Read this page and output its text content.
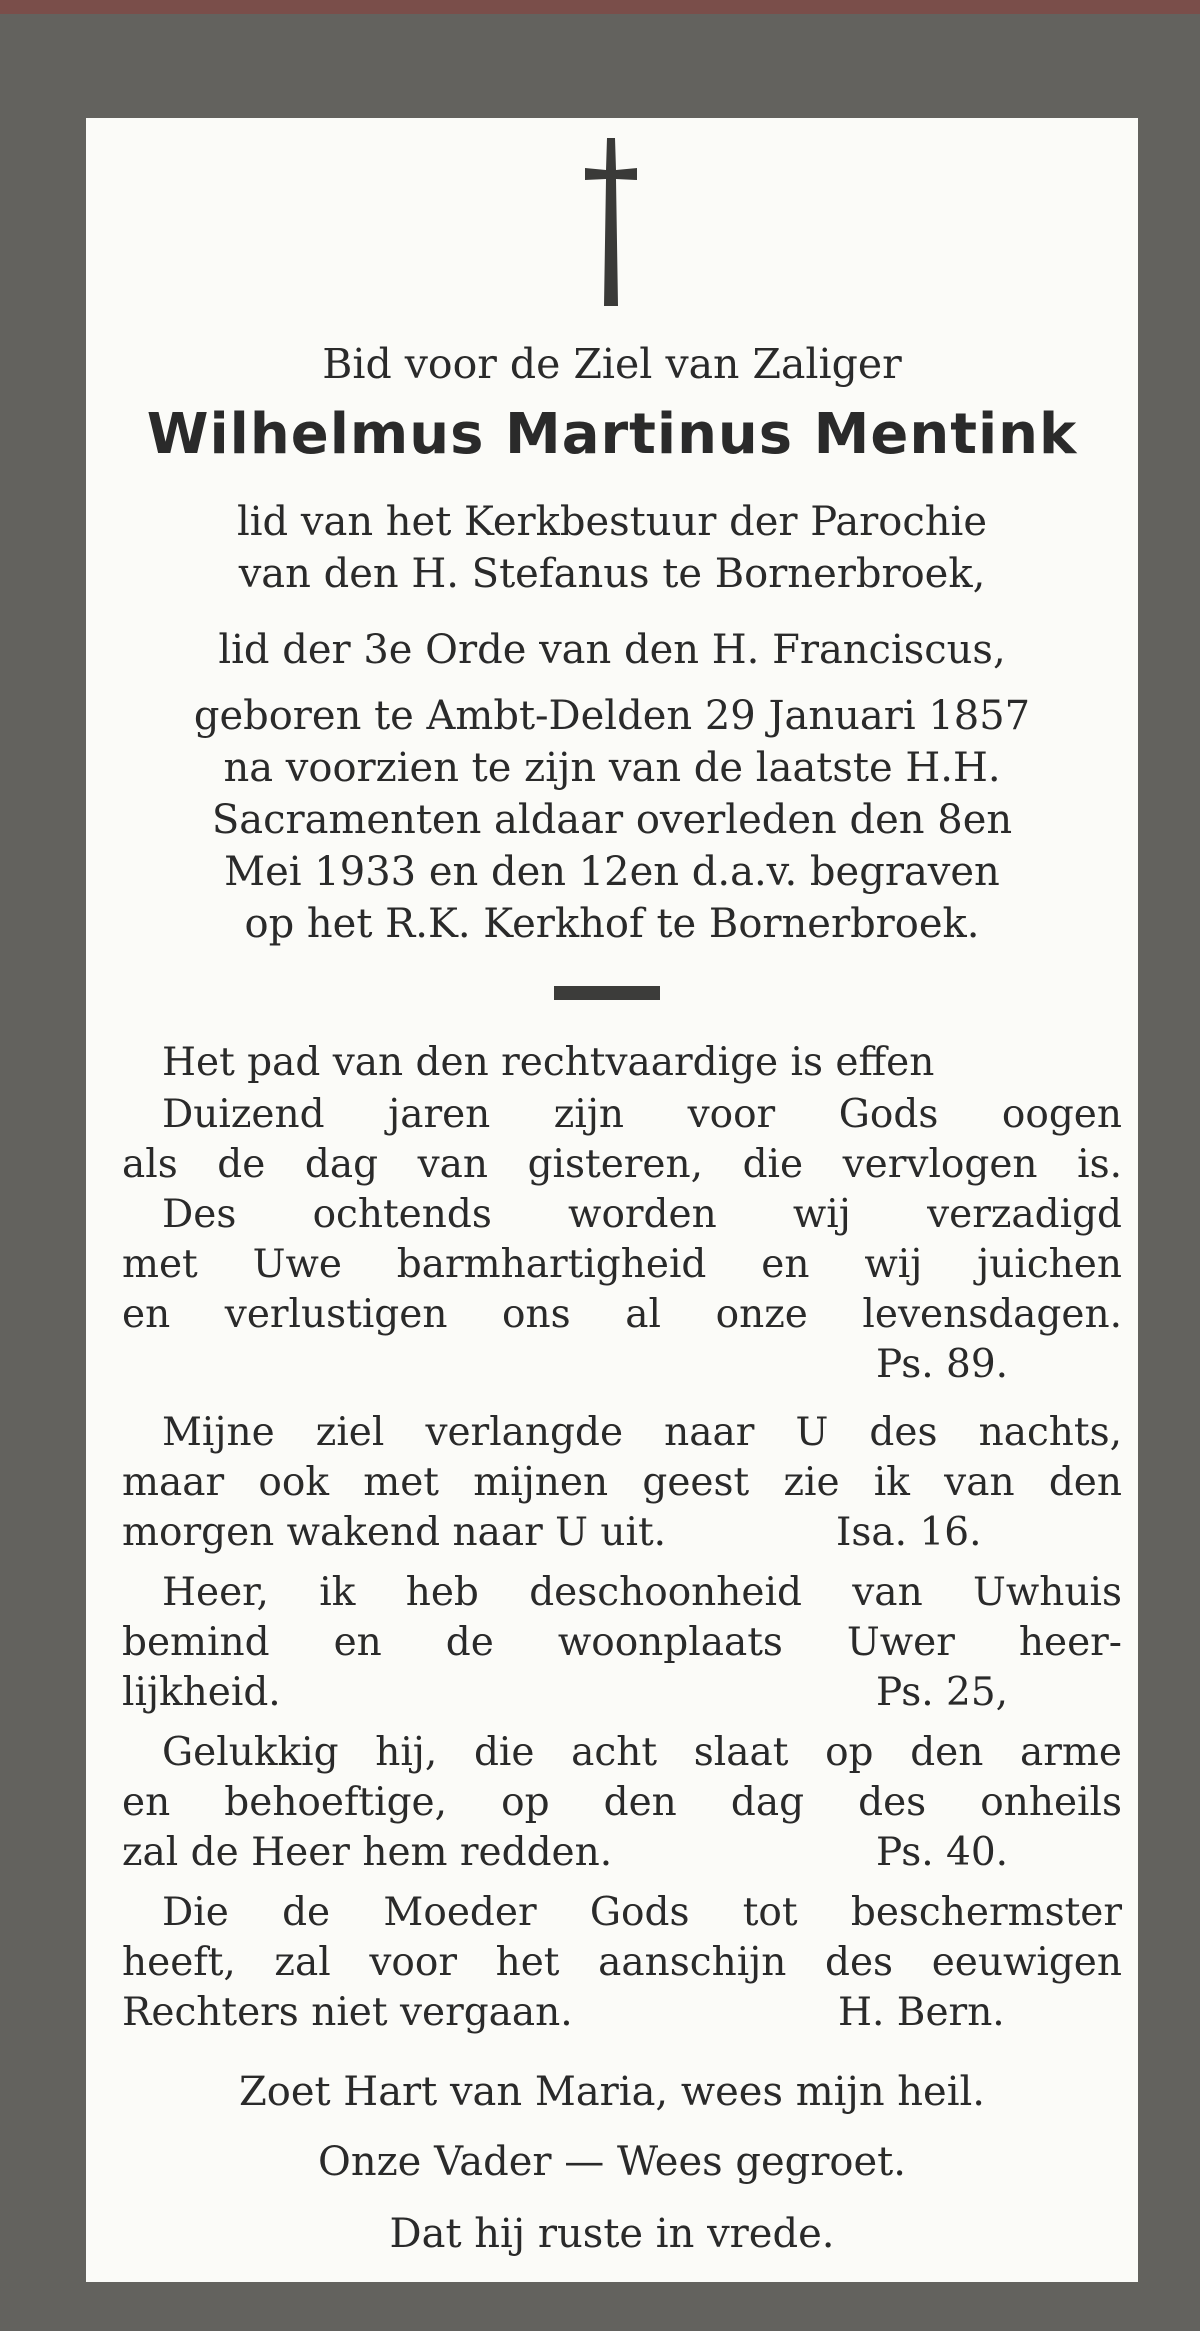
Bid voor de Ziel van Zaliger
Wilhelmus Martinus Mentink
lid van het Kerkbestuur der Parochie
van den H. Stefanus te Bornerbroek,
lid der 3e Orde van den H. Franciscus,
geboren te Ambt-Delden 29 Januari 1857
na voorzien te zijn van de laatste H.H.
Sacramenten aldaar overleden den 8en
Mei 1933 en den 12en d.a.v. begraven
op het R.K. Kerkhof te Bornerbroek.
Het pad van den rechtvaardige is effen
Duizend jaren zijn voor Gods oogen
als de dag van gisteren, die vervlogen is.
Des ochtends worden wij verzadigd
met Uwe barmhartigheid en wij juichen
en verlustigen ons al onze levensdagen.
Ps. 89.
Mijne ziel verlangde naar U des nachts,
maar ook met mijnen geest zie ik van den
morgen wakend naar U uit.	Isa. 16.
Heer, ik heb deschoonheid van Uwhuis
bemind en de woonplaats Uwer heer-
lijkheid.	Ps. 25,
Gelukkig hij, die acht slaat op den arme
en behoeftige, op den dag des onheils
zal de Heer hem redden.	Ps. 40.
Die de Moeder Gods tot beschermster
heeft, zal voor het aanschijn des eeuwigen
Rechters niet vergaan.	H. Bern.
Zoet Hart van Maria, wees mijn heil.
Onze Vader — Wees gegroet.
Dat hij ruste in vrede.
